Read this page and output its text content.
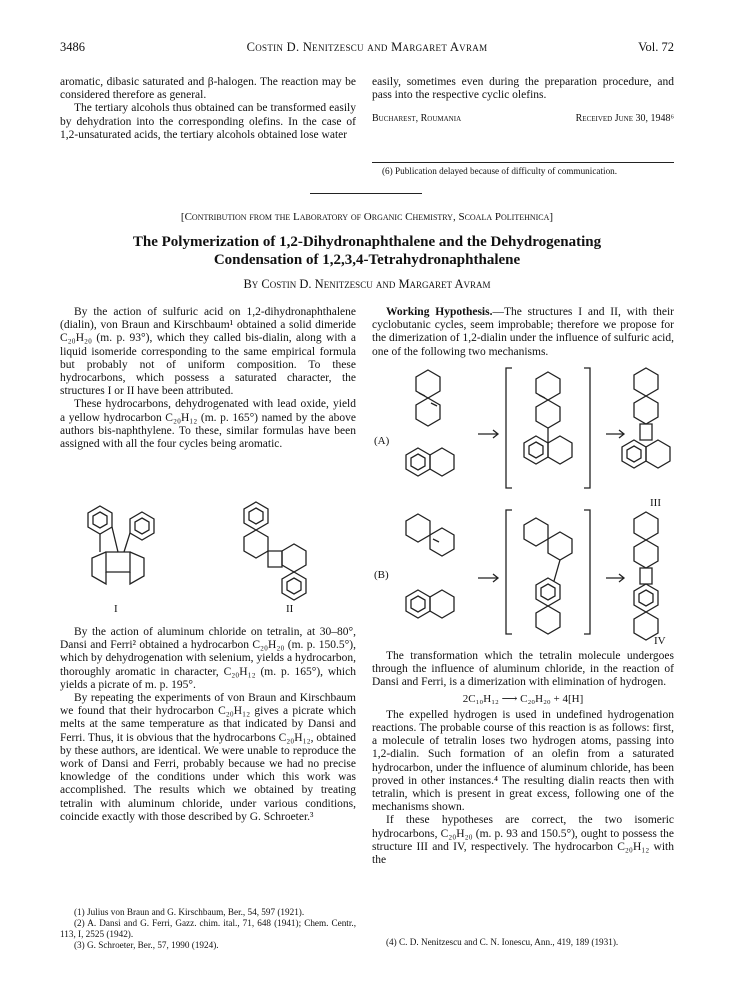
3486	Costin D. Nenitzescu and Margaret Avram	Vol. 72

aromatic, dibasic saturated and β-halogen. The reaction may be considered therefore as general.

The tertiary alcohols thus obtained can be transformed easily by dehydration into the corresponding olefins. In the case of 1,2-unsaturated acids, the tertiary alcohols obtained lose water

easily, sometimes even during the preparation procedure, and pass into the respective cyclic olefins.

Bucharest, Roumania	Received June 30, 1948⁶
(6) Publication delayed because of difficulty of communication.
[Contribution from the Laboratory of Organic Chemistry, Scoala Politehnica]
The Polymerization of 1,2-Dihydronaphthalene and the Dehydrogenating
Condensation of 1,2,3,4-Tetrahydronaphthalene
By Costin D. Nenitzescu and Margaret Avram

By the action of sulfuric acid on 1,2-dihydronaphthalene (dialin), von Braun and Kirschbaum¹ obtained a solid dimeride C₂₀H₂₀ (m. p. 93°), which they called bis-dialin, along with a liquid isomeride corresponding to the same empirical formula but probably not of uniform composition. To these hydrocarbons, which possess a saturated character, the structures I or II have been attributed.

These hydrocarbons, dehydrogenated with lead oxide, yield a yellow hydrocarbon C₂₀H₁₂ (m. p. 165°) named by the above authors bis-naphthylene. To these, similar formulas have been assigned with all the four cycles being aromatic.

I	II

By the action of aluminum chloride on tetralin, at 30–80°, Dansi and Ferri² obtained a hydrocarbon C₂₀H₂₀ (m. p. 150.5°), which by dehydrogenation with selenium, yields a hydrocarbon, thoroughly aromatic in character, C₂₀H₁₂ (m. p. 165°), which yields a picrate of m. p. 195°.

By repeating the experiments of von Braun and Kirschbaum we found that their hydrocarbon C₂₀H₁₂ gives a picrate which melts at the same temperature as that indicated by Dansi and Ferri. Thus, it is obvious that the hydrocarbons C₂₀H₁₂, obtained by these authors, are identical. We were unable to reproduce the work of Dansi and Ferri, probably because we had no precise knowledge of the conditions under which this work was accomplished. The results which we obtained by treating tetralin with aluminum chloride, under various conditions, coincide exactly with those described by G. Schroeter.³

(1) Julius von Braun and G. Kirschbaum, Ber., 54, 597 (1921).

(2) A. Dansi and G. Ferri, Gazz. chim. ital., 71, 648 (1941); Chem. Centr., 113, I, 2525 (1942).

(3) G. Schroeter, Ber., 57, 1990 (1924).

Working Hypothesis.—The structures I and II, with their cyclobutanic cycles, seem improbable; therefore we propose for the dimerization of 1,2-dialin under the influence of sulfuric acid, one of the following two mechanisms.

(A)
III
(B)
IV

The transformation which the tetralin molecule undergoes through the influence of aluminum chloride, in the reaction of Dansi and Ferri, is a dimerization with elimination of hydrogen.

2C₁₀H₁₂ ⟶ C₂₀H₂₀ + 4[H]

The expelled hydrogen is used in undefined hydrogenation reactions. The probable course of this reaction is as follows: first, a molecule of tetralin loses two hydrogen atoms, passing into 1,2-dialin. Such formation of an olefin from a saturated hydrocarbon, under the influence of aluminum chloride, has been proved in other instances.⁴ The resulting dialin reacts then with tetralin, which is present in great excess, following one of the mechanisms shown.

If these hypotheses are correct, the two isomeric hydrocarbons, C₂₀H₂₀ (m. p. 93 and 150.5°), ought to possess the structure III and IV, respectively. The hydrocarbon C₂₀H₁₂ with the

(4) C. D. Nenitzescu and C. N. Ionescu, Ann., 419, 189 (1931).
